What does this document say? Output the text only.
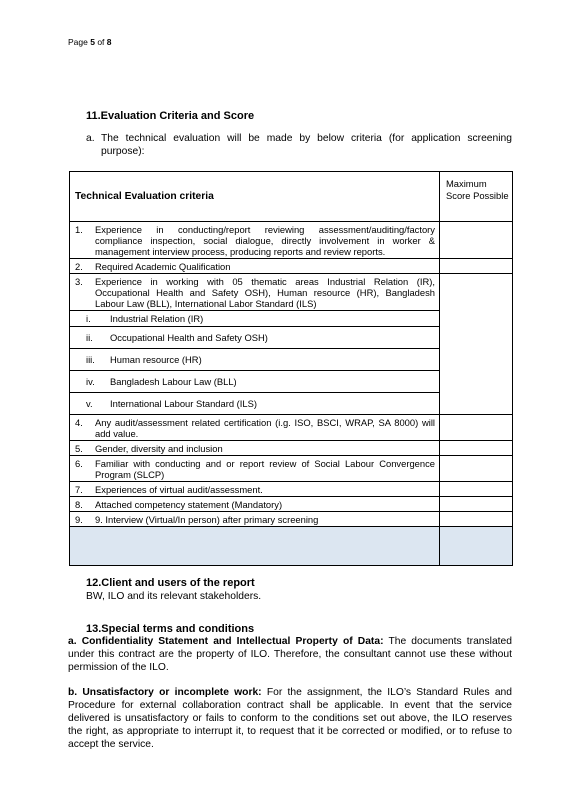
Page 5 of 8
11.Evaluation Criteria and Score
a. The technical evaluation will be made by below criteria (for application screening purpose):
Technical Evaluation criteria	Maximum Score Possible

1. Experience in conducting/report reviewing assessment/auditing/factory compliance inspection, social dialogue, directly involvement in worker & management interview process, producing reports and review reports.	

2. Required Academic Qualification	

3. Experience in working with 05 thematic areas Industrial Relation (IR), Occupational Health and Safety OSH), Human resource (HR), Bangladesh Labour Law (BLL), International Labor Standard (ILS)	

i. Industrial Relation (IR)	

ii. Occupational Health and Safety OSH)	

iii. Human resource (HR)	

iv. Bangladesh Labour Law (BLL)	

v. International Labour Standard (ILS)	

4. Any audit/assessment related certification (i.g. ISO, BSCI, WRAP, SA 8000) will add value.	

5. Gender, diversity and inclusion	

6. Familiar with conducting and or report review of Social Labour Convergence Program (SLCP)	

7. Experiences of virtual audit/assessment.	

8. Attached competency statement (Mandatory)	

9. 9. Interview (Virtual/In person) after primary screening	

12.Client and users of the report
BW, ILO and its relevant stakeholders.
13.Special terms and conditions
a. Confidentiality Statement and Intellectual Property of Data: The documents translated under this contract are the property of ILO. Therefore, the consultant cannot use these without permission of the ILO.
b. Unsatisfactory or incomplete work: For the assignment, the ILO’s Standard Rules and Procedure for external collaboration contract shall be applicable. In event that the service delivered is unsatisfactory or fails to conform to the conditions set out above, the ILO reserves the right, as appropriate to interrupt it, to request that it be corrected or modified, or to refuse to accept the service.
